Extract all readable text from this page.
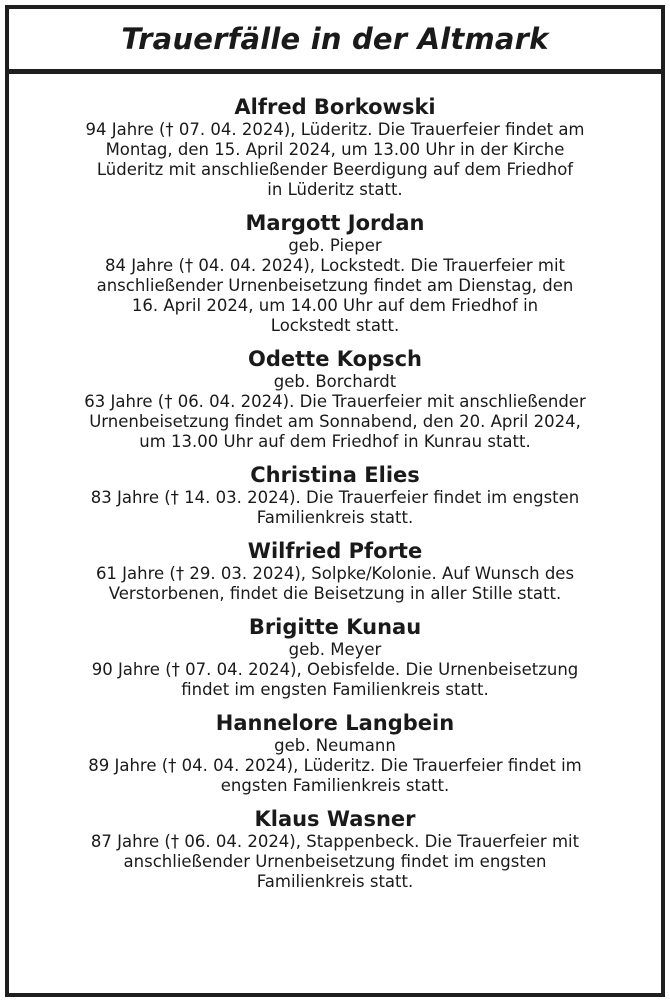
Trauerfälle in der Altmark
Alfred Borkowski
94 Jahre († 07. 04. 2024), Lüderitz. Die Trauerfeier findet am
Montag, den 15. April 2024, um 13.00 Uhr in der Kirche
Lüderitz mit anschließender Beerdigung auf dem Friedhof
in Lüderitz statt.
Margott Jordan
geb. Pieper
84 Jahre († 04. 04. 2024), Lockstedt. Die Trauerfeier mit
anschließender Urnenbeisetzung findet am Dienstag, den
16. April 2024, um 14.00 Uhr auf dem Friedhof in
Lockstedt statt.
Odette Kopsch
geb. Borchardt
63 Jahre († 06. 04. 2024). Die Trauerfeier mit anschließender
Urnenbeisetzung findet am Sonnabend, den 20. April 2024,
um 13.00 Uhr auf dem Friedhof in Kunrau statt.
Christina Elies
83 Jahre († 14. 03. 2024). Die Trauerfeier findet im engsten
Familienkreis statt.
Wilfried Pforte
61 Jahre († 29. 03. 2024), Solpke/Kolonie. Auf Wunsch des
Verstorbenen, findet die Beisetzung in aller Stille statt.
Brigitte Kunau
geb. Meyer
90 Jahre († 07. 04. 2024), Oebisfelde. Die Urnenbeisetzung
findet im engsten Familienkreis statt.
Hannelore Langbein
geb. Neumann
89 Jahre († 04. 04. 2024), Lüderitz. Die Trauerfeier findet im
engsten Familienkreis statt.
Klaus Wasner
87 Jahre († 06. 04. 2024), Stappenbeck. Die Trauerfeier mit
anschließender Urnenbeisetzung findet im engsten
Familienkreis statt.
